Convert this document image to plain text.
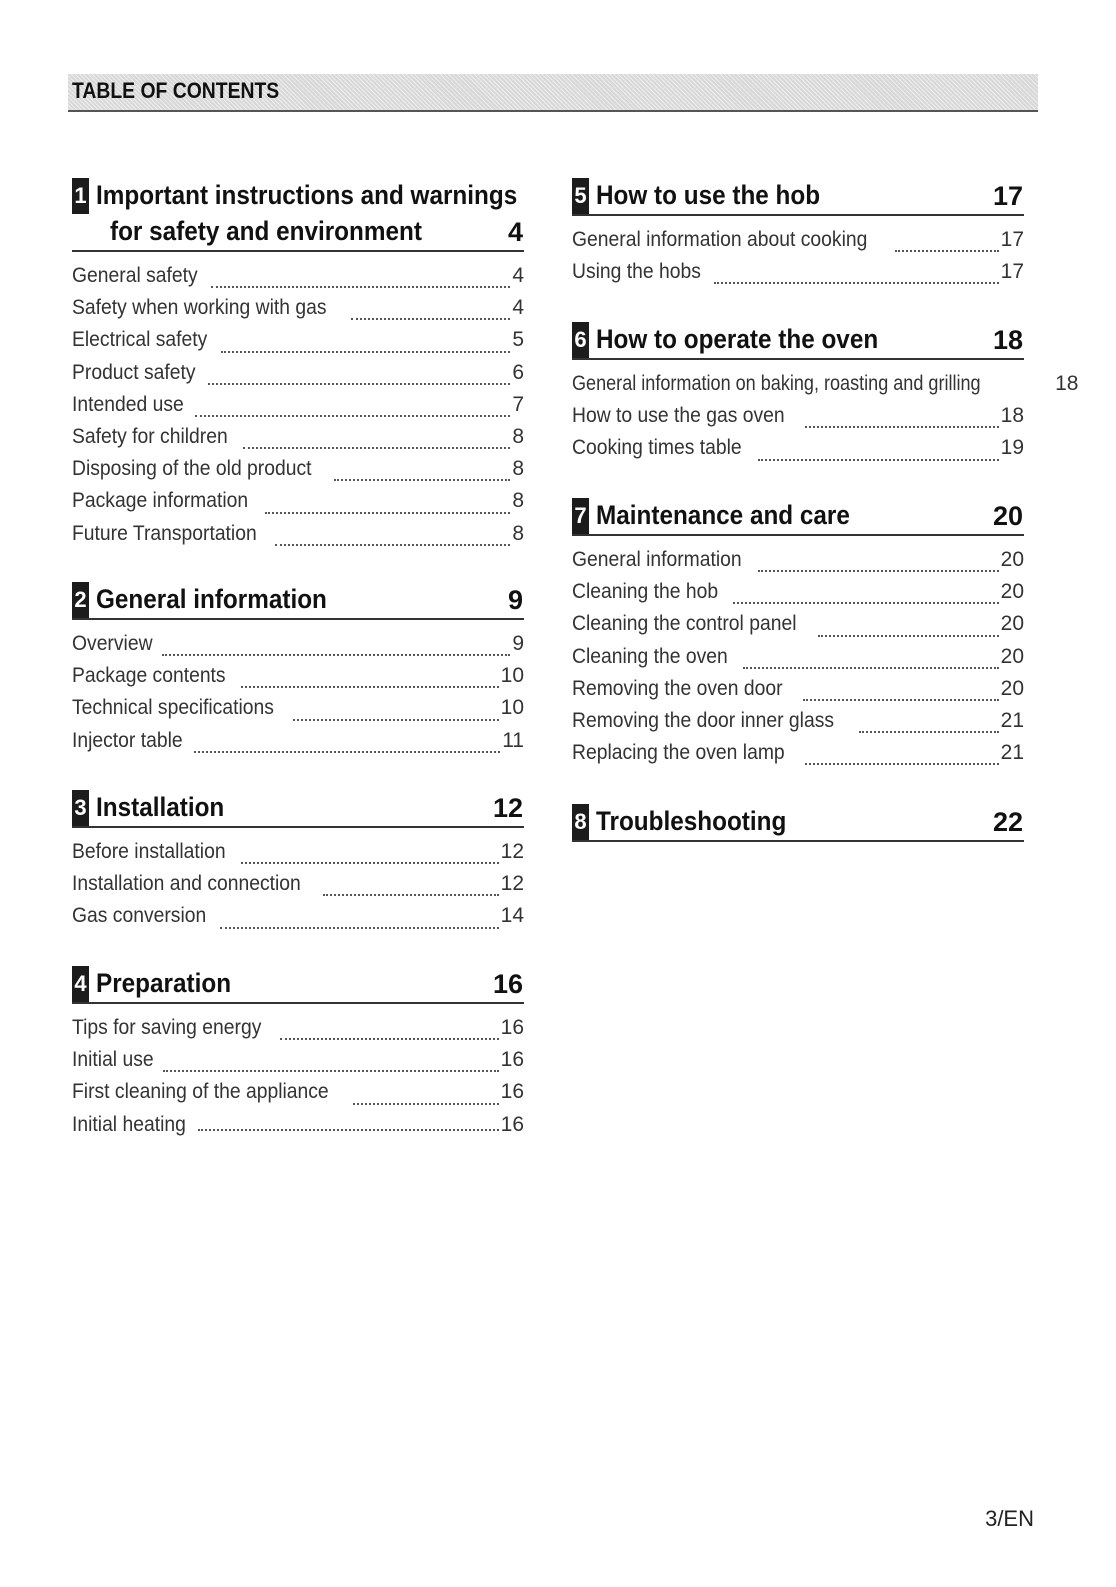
TABLE OF CONTENTS
1 Important instructions and warnings
for safety and environment	4
General safety	4
Safety when working with gas	4
Electrical safety	5
Product safety	6
Intended use	7
Safety for children	8
Disposing of the old product	8
Package information	8
Future Transportation	8
2 General information	9
Overview	9
Package contents	10
Technical specifications	10
Injector table	11
3 Installation	12
Before installation	12
Installation and connection	12
Gas conversion	14
4 Preparation	16
Tips for saving energy	16
Initial use	16
First cleaning of the appliance	16
Initial heating	16
5 How to use the hob	17
General information about cooking	17
Using the hobs	17
6 How to operate the oven	18
General information on baking, roasting and grilling	18
How to use the gas oven	18
Cooking times table	19
7 Maintenance and care	20
General information	20
Cleaning the hob	20
Cleaning the control panel	20
Cleaning the oven	20
Removing the oven door	20
Removing the door inner glass	21
Replacing the oven lamp	21
8 Troubleshooting	22
3/EN
